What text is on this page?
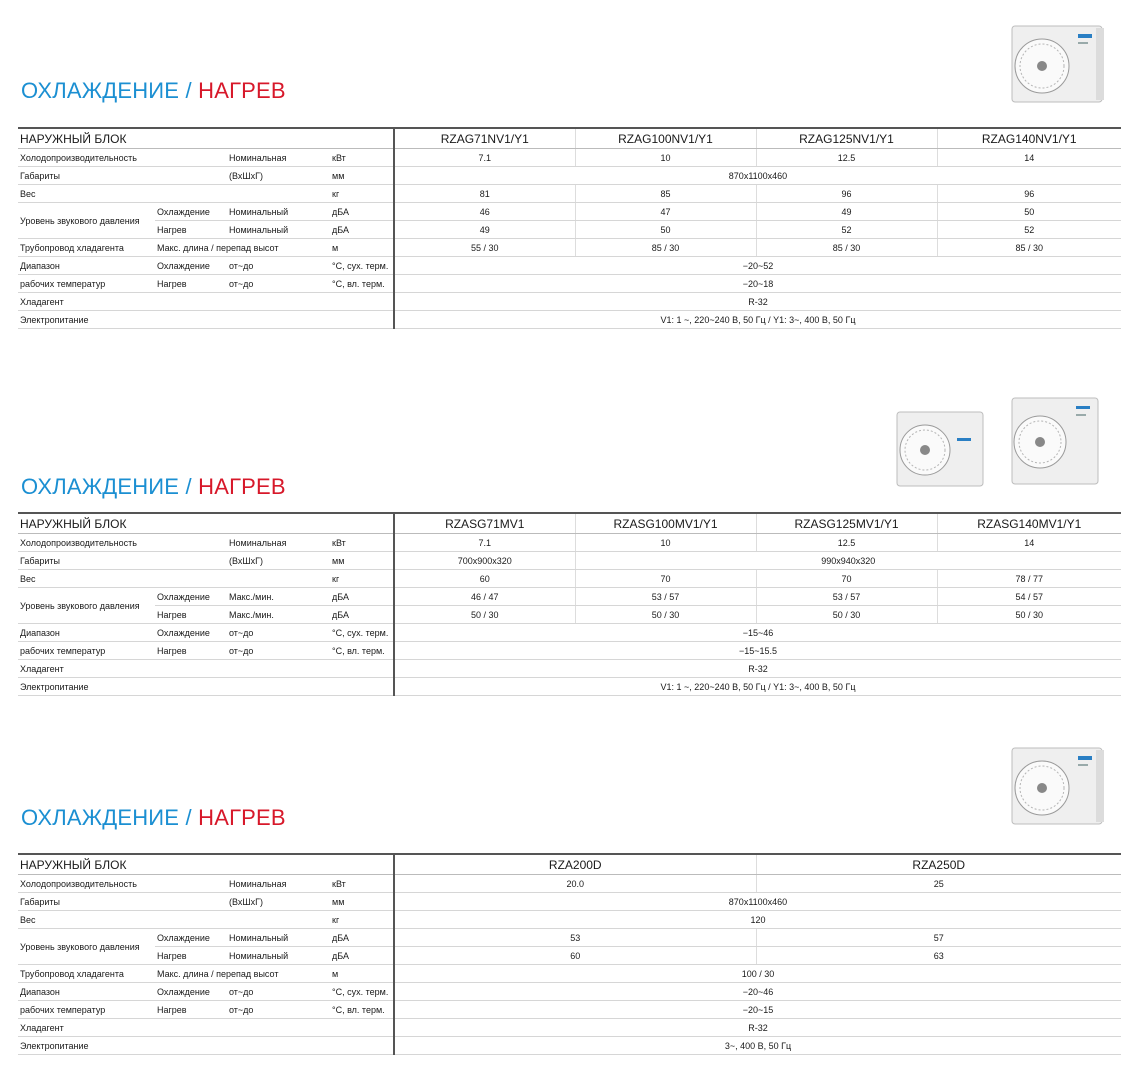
ОХЛАЖДЕНИЕ / НАГРЕВ
НАРУЖНЫЙ БЛОК				RZAG71NV1/Y1	RZAG100NV1/Y1	RZAG125NV1/Y1	RZAG140NV1/Y1
Холодопроизводительность		Номинальная	кВт	7.1	10	12.5	14
Габариты		(ВхШхГ)	мм	870x1100x460			
Вес			кг	81	85	96	96
Уровень звукового давления	Охлаждение	Номинальный	дБА	46	47	49	50
	Нагрев	Номинальный	дБА	49	50	52	52
Трубопровод хладагента	Макс. длина / перепад высот		м	55 / 30	85 / 30	85 / 30	85 / 30
Диапазон	Охлаждение	от~до	°С, сух. терм.	−20~52			
рабочих температур	Нагрев	от~до	°С, вл. терм.	−20~18			
Хладагент				R-32			
Электропитание				V1: 1 ~, 220~240 В, 50 Гц / Y1: 3~, 400 В, 50 Гц			
ОХЛАЖДЕНИЕ / НАГРЕВ
НАРУЖНЫЙ БЛОК				RZASG71MV1	RZASG100MV1/Y1	RZASG125MV1/Y1	RZASG140MV1/Y1
Холодопроизводительность		Номинальная	кВт	7.1	10	12.5	14
Габариты		(ВхШхГ)	мм	700x900x320	990x940x320		
Вес			кг	60	70	70	78 / 77
Уровень звукового давления	Охлаждение	Макс./мин.	дБА	46 / 47	53 / 57	53 / 57	54 / 57
	Нагрев	Макс./мин.	дБА	50 / 30	50 / 30	50 / 30	50 / 30
Диапазон	Охлаждение	от~до	°С, сух. терм.	−15~46			
рабочих температур	Нагрев	от~до	°С, вл. терм.	−15~15.5			
Хладагент				R-32			
Электропитание				V1: 1 ~, 220~240 В, 50 Гц / Y1: 3~, 400 В, 50 Гц			
ОХЛАЖДЕНИЕ / НАГРЕВ
НАРУЖНЫЙ БЛОК				RZA200D	RZA250D
Холодопроизводительность		Номинальная	кВт	20.0	25
Габариты		(ВхШхГ)	мм	870x1100x460	
Вес			кг	120	
Уровень звукового давления	Охлаждение	Номинальный	дБА	53	57
	Нагрев	Номинальный	дБА	60	63
Трубопровод хладагента	Макс. длина / перепад высот		м	100 / 30	
Диапазон	Охлаждение	от~до	°С, сух. терм.	−20~46	
рабочих температур	Нагрев	от~до	°С, вл. терм.	−20~15	
Хладагент				R-32	
Электропитание				3~, 400 В, 50 Гц	
